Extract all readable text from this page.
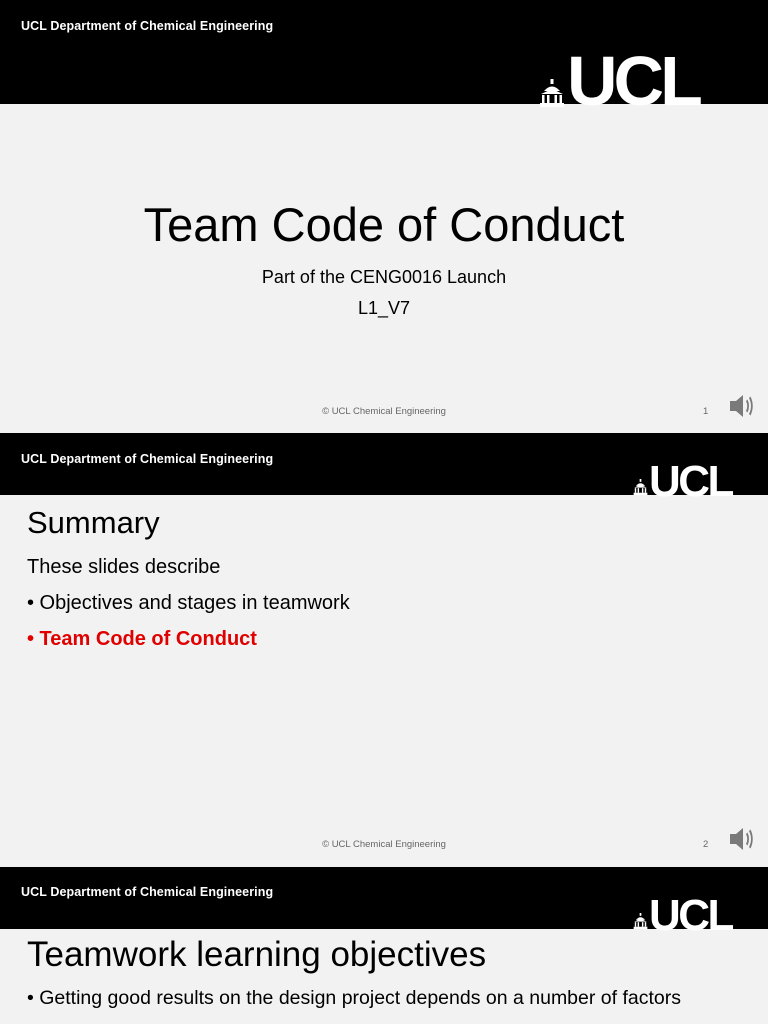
UCL Department of Chemical Engineering
UCL
Team Code of Conduct
Part of the CENG0016 Launch
L1_V7
© UCL Chemical Engineering	1
UCL Department of Chemical Engineering	UCL
Summary
These slides describe
• Objectives and stages in teamwork
• Team Code of Conduct
© UCL Chemical Engineering	2
UCL Department of Chemical Engineering	UCL
Teamwork learning objectives
• Getting good results on the design project depends on a number of factors
